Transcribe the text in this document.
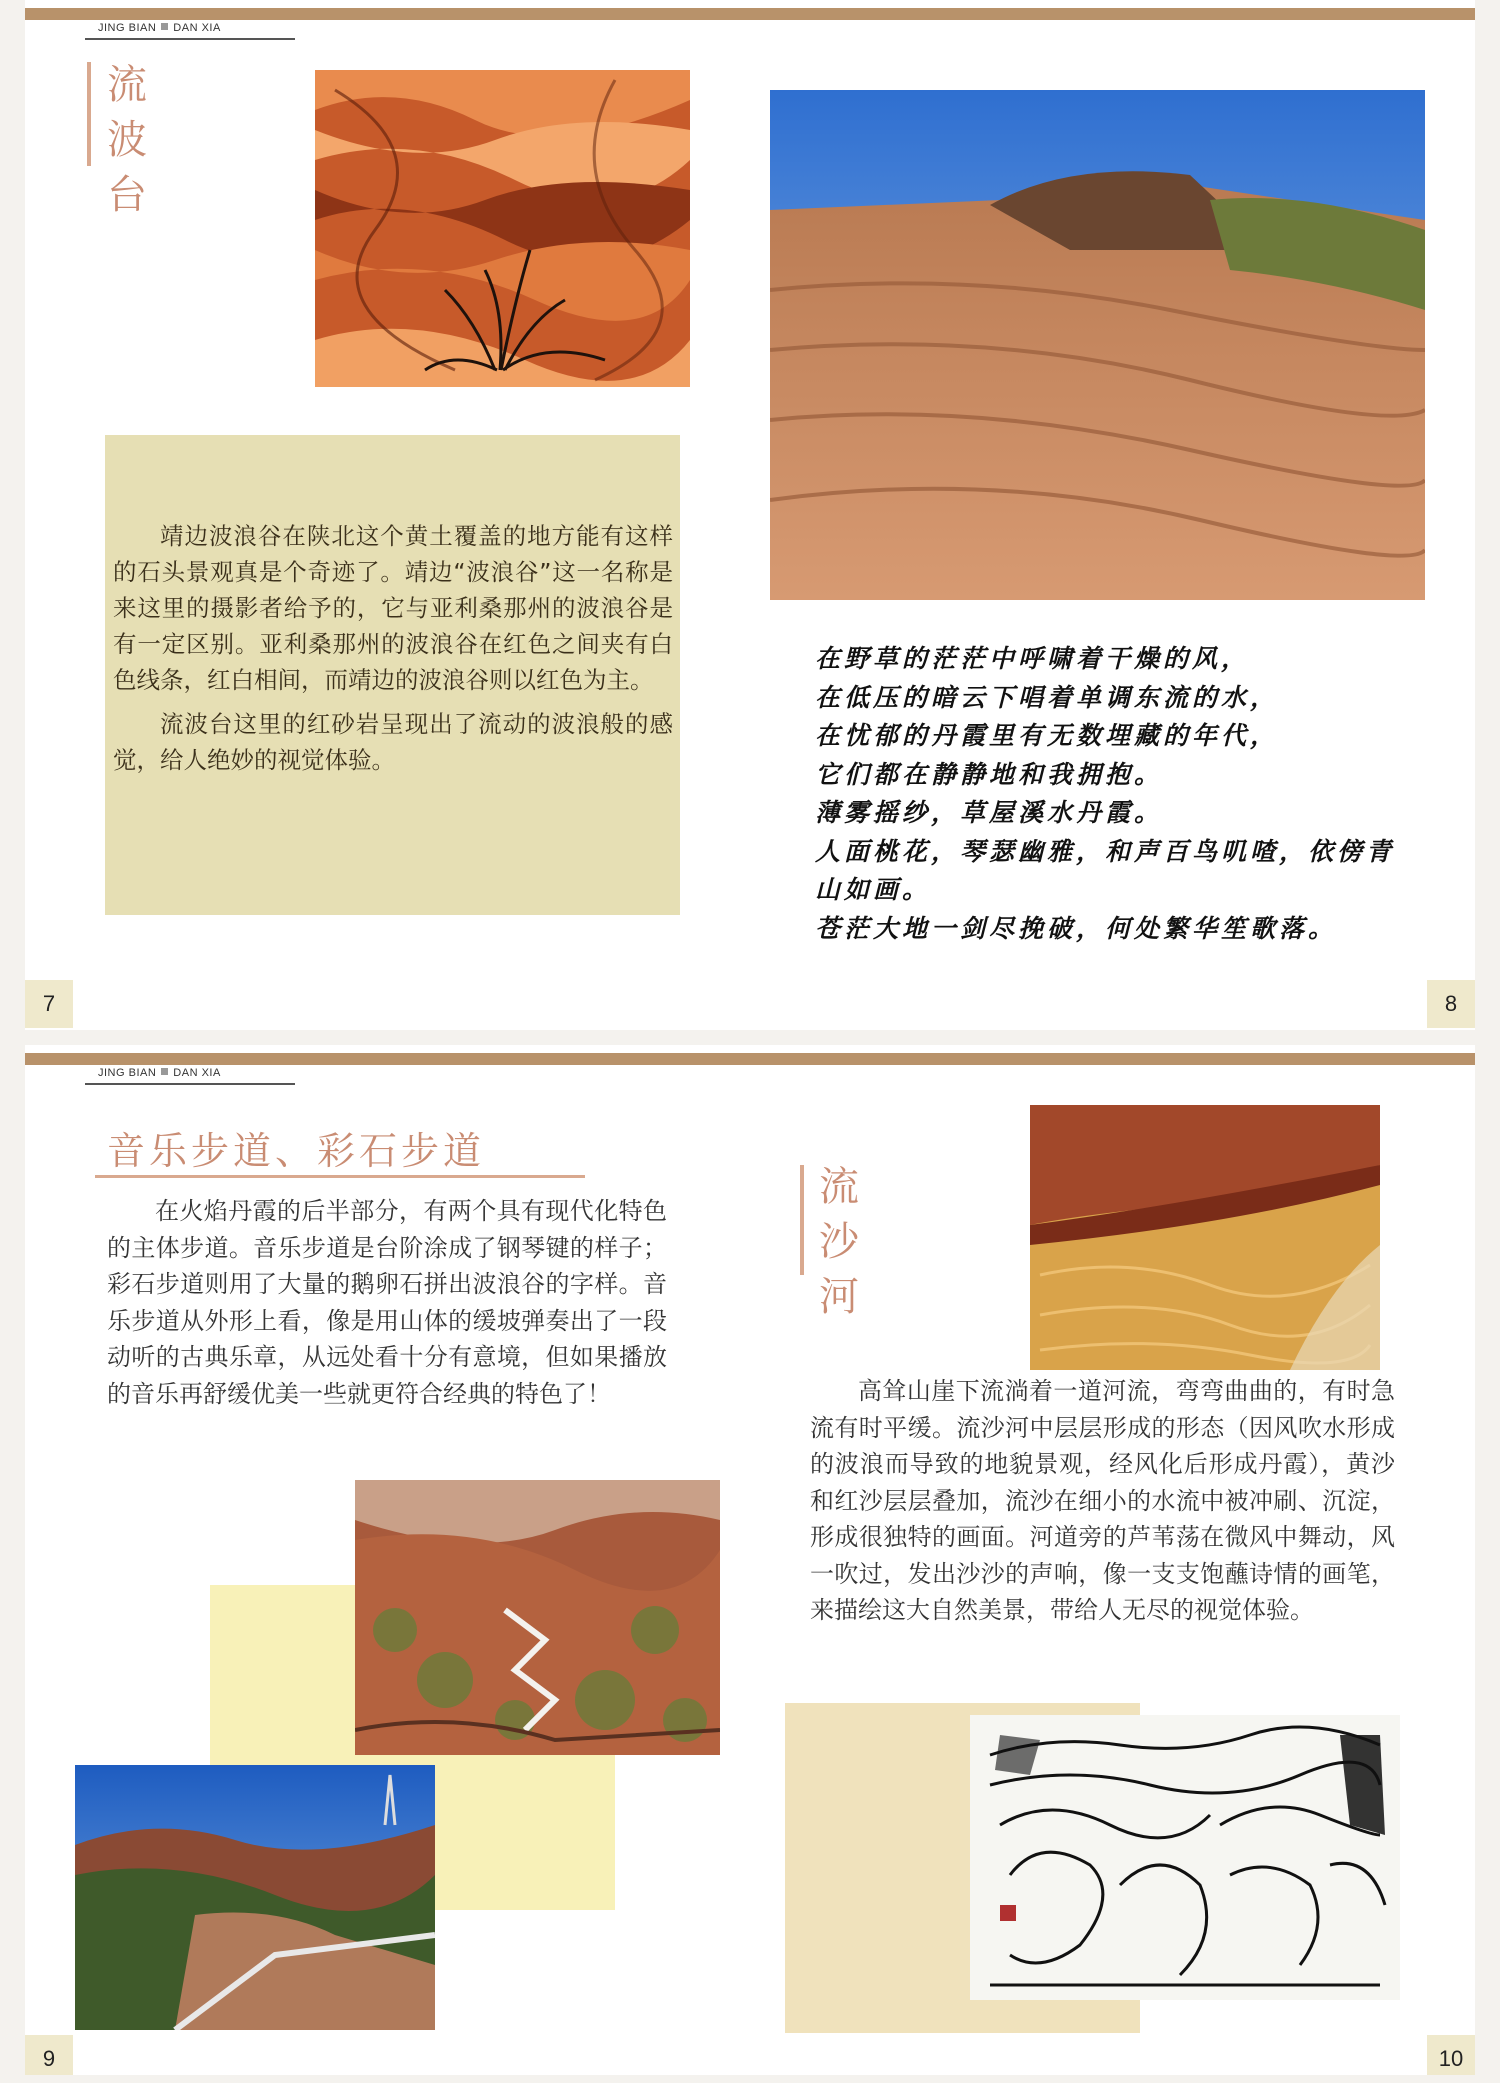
JING BIAN DAN XIA
流
波
台

靖边波浪谷在陕北这个黄土覆盖的地方能有这样的石头景观真是个奇迹了。靖边“波浪谷”这一名称是来这里的摄影者给予的，它与亚利桑那州的波浪谷是有一定区别。亚利桑那州的波浪谷在红色之间夹有白色线条，红白相间，而靖边的波浪谷则以红色为主。

流波台这里的红砂岩呈现出了流动的波浪般的感觉，给人绝妙的视觉体验。

在野草的茫茫中呼啸着干燥的风，
在低压的暗云下唱着单调东流的水，
在忧郁的丹霞里有无数埋藏的年代，
它们都在静静地和我拥抱。
薄雾摇纱，草屋溪水丹霞。
人面桃花，琴瑟幽雅，和声百鸟叽喳，依傍青山如画。
苍茫大地一剑尽挽破，何处繁华笙歌落。
7	8
JING BIAN DAN XIA
音乐步道、彩石步道

在火焰丹霞的后半部分，有两个具有现代化特色的主体步道。音乐步道是台阶涂成了钢琴键的样子；彩石步道则用了大量的鹅卵石拼出波浪谷的字样。音乐步道从外形上看，像是用山体的缓坡弹奏出了一段动听的古典乐章，从远处看十分有意境，但如果播放的音乐再舒缓优美一些就更符合经典的特色了！

流
沙
河

高耸山崖下流淌着一道河流，弯弯曲曲的，有时急流有时平缓。流沙河中层层形成的形态（因风吹水形成的波浪而导致的地貌景观，经风化后形成丹霞），黄沙和红沙层层叠加，流沙在细小的水流中被冲刷、沉淀，形成很独特的画面。河道旁的芦苇荡在微风中舞动，风一吹过，发出沙沙的声响，像一支支饱蘸诗情的画笔，来描绘这大自然美景，带给人无尽的视觉体验。

9	10
